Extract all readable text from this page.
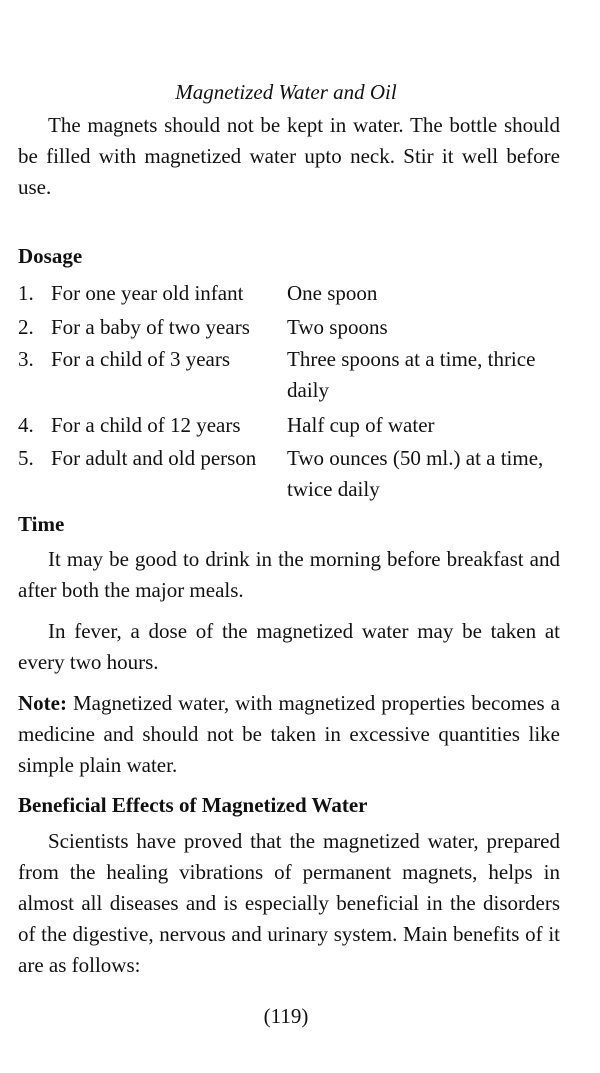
Magnetized Water and Oil

The magnets should not be kept in water. The bottle should be filled with magnetized water upto neck. Stir it well before use.

Dosage
1. For one year old infant	One spoon
2. For a baby of two years	Two spoons
3. For a child of 3 years	Three spoons at a time, thrice daily
4. For a child of 12 years	Half cup of water
5. For adult and old person	Two ounces (50 ml.) at a time, twice daily
Time

It may be good to drink in the morning before breakfast and after both the major meals.

In fever, a dose of the magnetized water may be taken at every two hours.

Note: Magnetized water, with magnetized properties becomes a medicine and should not be taken in excessive quantities like simple plain water.

Beneficial Effects of Magnetized Water

Scientists have proved that the magnetized water, prepared from the healing vibrations of permanent magnets, helps in almost all diseases and is especially beneficial in the disorders of the digestive, nervous and urinary system. Main benefits of it are as follows:

(119)
